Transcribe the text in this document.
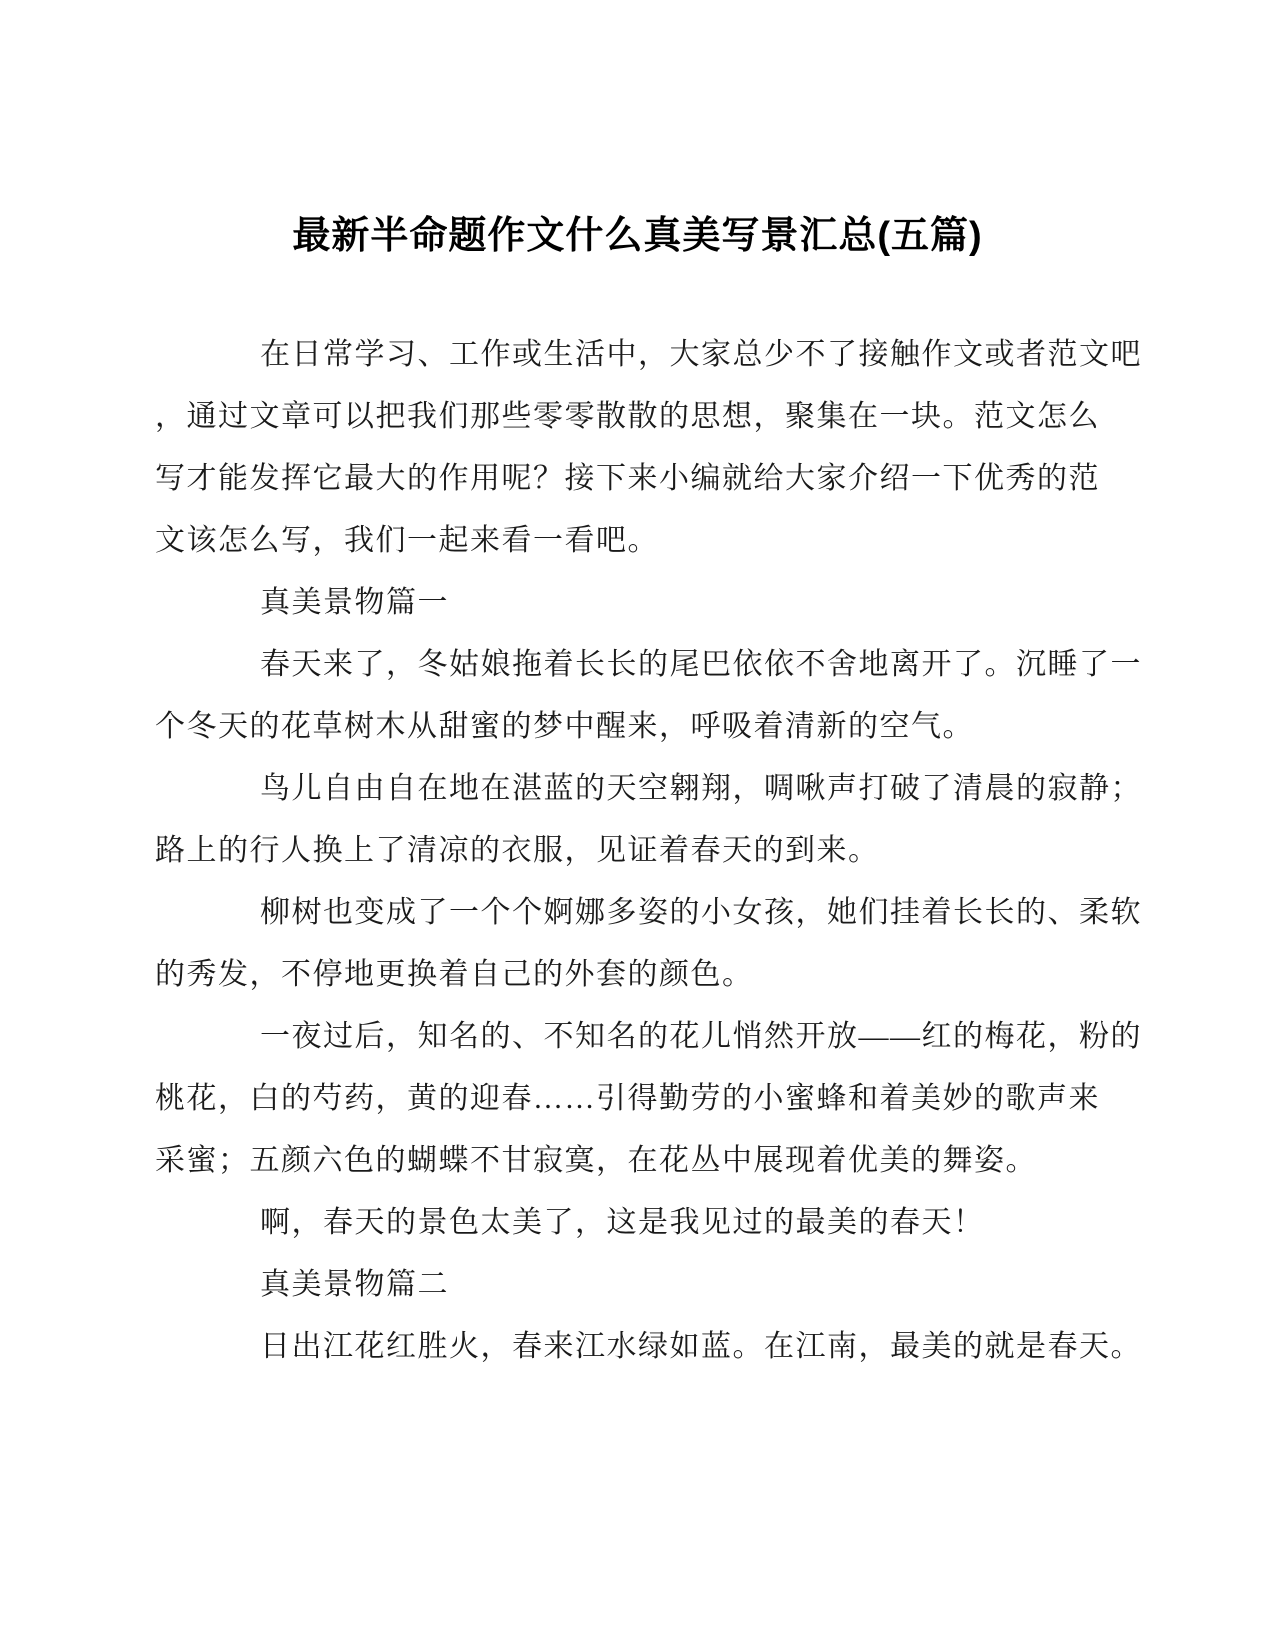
最新半命题作文什么真美写景汇总(五篇)
在日常学习、工作或生活中，大家总少不了接触作文或者范文吧
，通过文章可以把我们那些零零散散的思想，聚集在一块。范文怎么
写才能发挥它最大的作用呢？接下来小编就给大家介绍一下优秀的范
文该怎么写，我们一起来看一看吧。
真美景物篇一
春天来了，冬姑娘拖着长长的尾巴依依不舍地离开了。沉睡了一
个冬天的花草树木从甜蜜的梦中醒来，呼吸着清新的空气。
鸟儿自由自在地在湛蓝的天空翱翔，啁啾声打破了清晨的寂静；
路上的行人换上了清凉的衣服，见证着春天的到来。
柳树也变成了一个个婀娜多姿的小女孩，她们挂着长长的、柔软
的秀发，不停地更换着自己的外套的颜色。
一夜过后，知名的、不知名的花儿悄然开放——红的梅花，粉的
桃花，白的芍药，黄的迎春……引得勤劳的小蜜蜂和着美妙的歌声来
采蜜；五颜六色的蝴蝶不甘寂寞，在花丛中展现着优美的舞姿。
啊，春天的景色太美了，这是我见过的最美的春天！
真美景物篇二
日出江花红胜火，春来江水绿如蓝。在江南，最美的就是春天。
